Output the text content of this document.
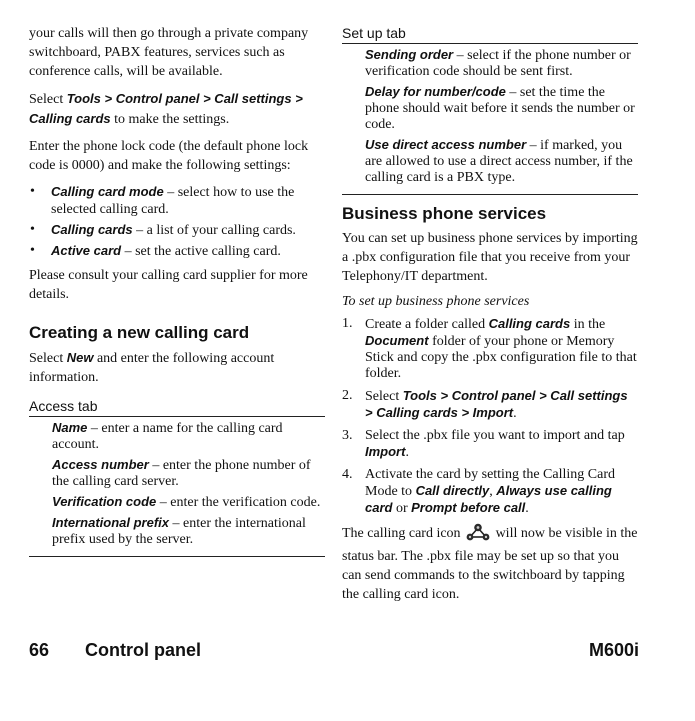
your calls will then go through a private company switchboard, PABX features, services such as conference calls, will be available.

Select Tools > Control panel > Call settings > Calling cards to make the settings.

Enter the phone lock code (the default phone lock code is 0000) and make the following settings:

• Calling card mode – select how to use the selected calling card.
• Calling cards – a list of your calling cards.
• Active card – set the active calling card.

Please consult your calling card supplier for more details.

Creating a new calling card

Select New and enter the following account information.

Access tab
Name – enter a name for the calling card account.
Access number – enter the phone number of the calling card server.
Verification code – enter the verification code.
International prefix – enter the international prefix used by the server.
Set up tab
Sending order – select if the phone number or verification code should be sent first.
Delay for number/code – set the time the phone should wait before it sends the number or code.
Use direct access number – if marked, you are allowed to use a direct access number, if the calling card is a PBX type.
Business phone services

You can set up business phone services by importing a .pbx configuration file that you receive from your Telephony/IT department.

To set up business phone services
1. Create a folder called Calling cards in the Document folder of your phone or Memory Stick and copy the .pbx configuration file to that folder.
2. Select Tools > Control panel > Call settings > Calling cards > Import.
3. Select the .pbx file you want to import and tap Import.
4. Activate the card by setting the Calling Card Mode to Call directly, Always use calling card or Prompt before call.

The calling card icon  will now be visible in the status bar. The .pbx file may be set up so that you can send commands to the switchboard by tapping the calling card icon.

66 Control panel	M600i
